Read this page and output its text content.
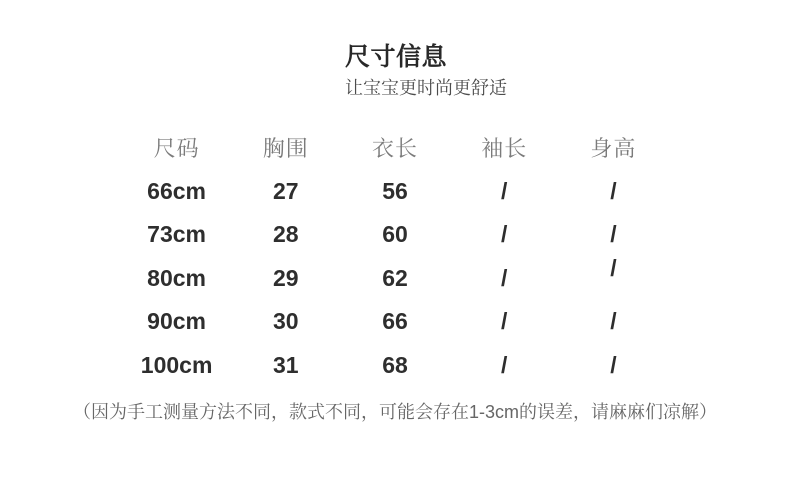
尺寸信息

让宝宝更时尚更舒适

尺码	胸围	衣长	袖长	身高
66cm	27	56	/	/
73cm	28	60	/	/
80cm	29	62	/	/
90cm	30	66	/	/
100cm	31	68	/	/

（因为手工测量方法不同，款式不同，可能会存在1-3cm的误差，请麻麻们凉解）
